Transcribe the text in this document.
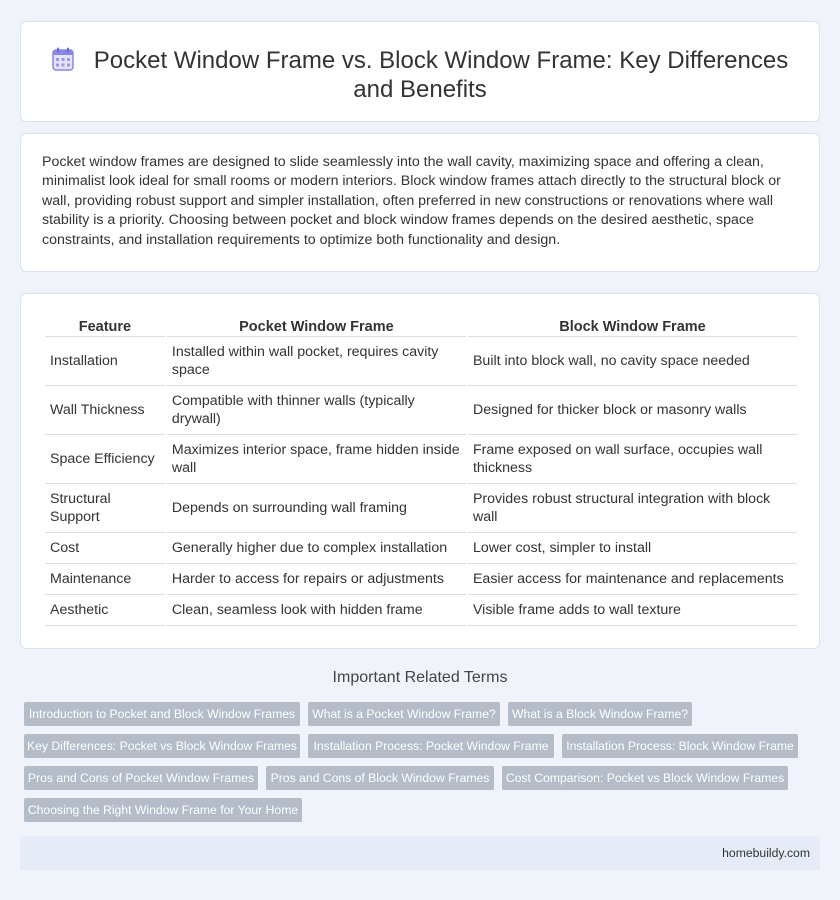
Pocket Window Frame vs. Block Window Frame: Key Differences and Benefits

Pocket window frames are designed to slide seamlessly into the wall cavity, maximizing space and offering a clean, minimalist look ideal for small rooms or modern interiors. Block window frames attach directly to the structural block or wall, providing robust support and simpler installation, often preferred in new constructions or renovations where wall stability is a priority. Choosing between pocket and block window frames depends on the desired aesthetic, space constraints, and installation requirements to optimize both functionality and design.

Feature	Pocket Window Frame	Block Window Frame
Installation	Installed within wall pocket, requires cavity space	Built into block wall, no cavity space needed
Wall Thickness	Compatible with thinner walls (typically drywall)	Designed for thicker block or masonry walls
Space Efficiency	Maximizes interior space, frame hidden inside wall	Frame exposed on wall surface, occupies wall thickness
Structural Support	Depends on surrounding wall framing	Provides robust structural integration with block wall
Cost	Generally higher due to complex installation	Lower cost, simpler to install
Maintenance	Harder to access for repairs or adjustments	Easier access for maintenance and replacements
Aesthetic	Clean, seamless look with hidden frame	Visible frame adds to wall texture
Important Related Terms
Introduction to Pocket and Block Window Frames	What is a Pocket Window Frame?	What is a Block Window Frame?
Key Differences: Pocket vs Block Window Frames	Installation Process: Pocket Window Frame	Installation Process: Block Window Frame
Pros and Cons of Pocket Window Frames	Pros and Cons of Block Window Frames	Cost Comparison: Pocket vs Block Window Frames
Choosing the Right Window Frame for Your Home
homebuildy.com
